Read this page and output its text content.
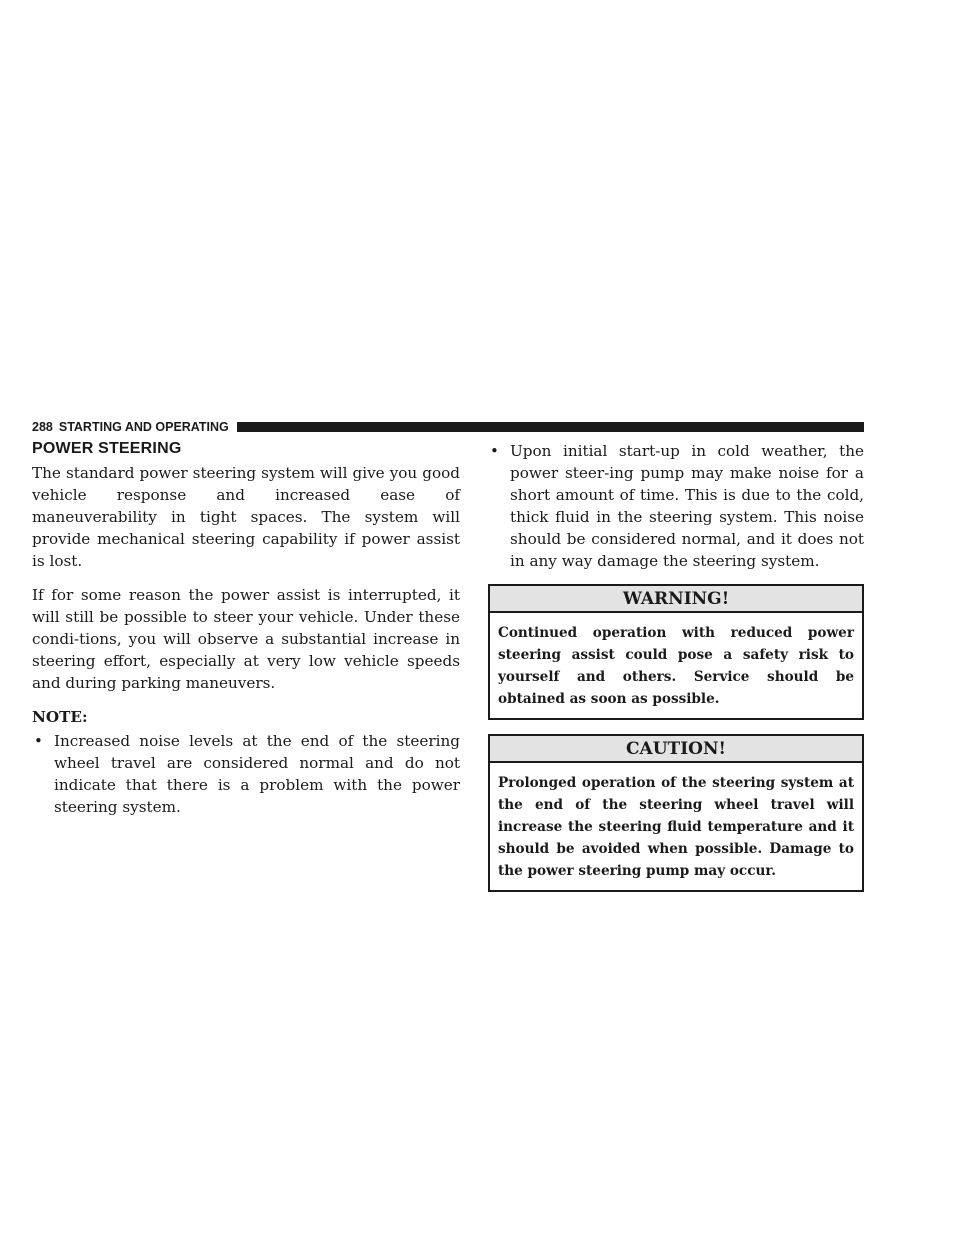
288 STARTING AND OPERATING
POWER STEERING

The standard power steering system will give you good vehicle response and increased ease of maneuverability in tight spaces. The system will provide mechanical steering capability if power assist is lost.

If for some reason the power assist is interrupted, it will still be possible to steer your vehicle. Under these condi-tions, you will observe a substantial increase in steering effort, especially at very low vehicle speeds and during parking maneuvers.

NOTE:
• Increased noise levels at the end of the steering wheel travel are considered normal and do not indicate that there is a problem with the power steering system.
• Upon initial start-up in cold weather, the power steer-ing pump may make noise for a short amount of time. This is due to the cold, thick fluid in the steering system. This noise should be considered normal, and it does not in any way damage the steering system.
WARNING!
Continued operation with reduced power steering assist could pose a safety risk to yourself and others. Service should be obtained as soon as possible.
CAUTION!
Prolonged operation of the steering system at the end of the steering wheel travel will increase the steering fluid temperature and it should be avoided when possible. Damage to the power steering pump may occur.
